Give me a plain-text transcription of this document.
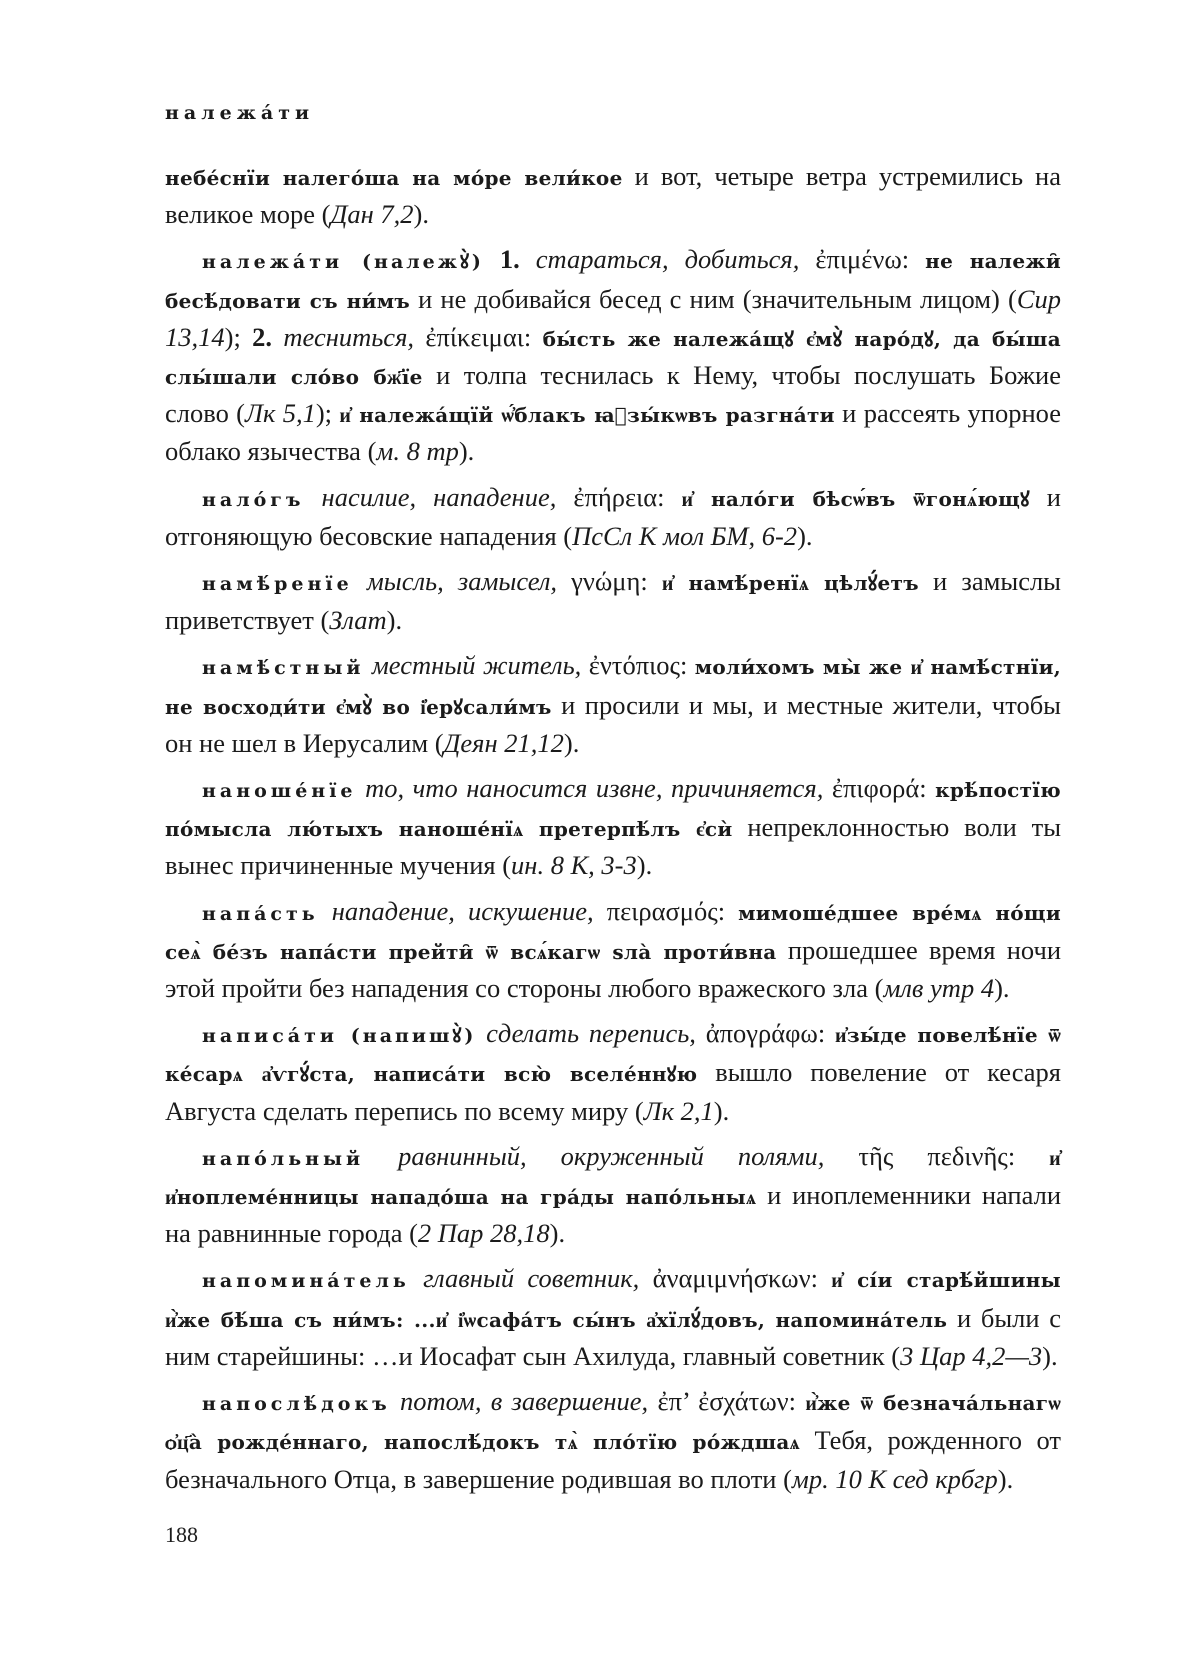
належа́ти

небе́снїи налего́ша на мо́ре вели́кое и вот, четыре ветра устремились на великое море (Дан 7,2).

належа́ти (належꙋ̀) 1. стараться, добиться, ἐπιμένω: не належи̑ бесѣ́довати съ ни́мъ и не добивайся бесед с ним (значительным лицом) (Сир 13,14); 2. тесниться, ἐπίκειμαι: бы́сть же належа́щꙋ є҆мꙋ̀ наро́дꙋ, да бы́ша слы́шали сло́во бж҃їе и толпа теснилась к Нему, чтобы послушать Божие слово (Лк 5,1); и҆ належа́щїй ѡ҆́блакъ ꙗ҆зы́кѡвъ разгна́ти и рассеять упорное облако язычества (м. 8 тр).

нало́гъ насилие, нападение, ἐπήρεια: и҆ нало́ги бѣсѡ́въ ѿгонѧ́ющꙋ и отгоняющую бесовские нападения (ПсСл К мол БМ, 6-2).

намѣ́ренїе мысль, замысел, γνώμη: и҆ намѣ́ренїѧ цѣлꙋ́етъ и замыслы приветствует (Злат).

намѣ́стный местный житель, ἐντόπιος: моли́хомъ мы̀ же и҆ намѣ́стнїи, не восходи́ти є҆мꙋ̀ во і҆ерꙋсали́мъ и просили и мы, и местные жители, чтобы он не шел в Иерусалим (Деян 21,12).

наноше́нїе то, что наносится извне, причиняется, ἐπιφορά: крѣ́постїю по́мысла лю́тыхъ наноше́нїѧ претерпѣ́лъ є҆сѝ непреклонностью воли ты вынес причиненные мучения (ин. 8 К, 3-3).

напа́сть нападение, искушение, πειρασμός: мимоше́дшее вре́мѧ но́щи сеѧ̀ бе́зъ напа́сти прейти̑ ѿ всѧ́кагѡ ѕла̀ проти́вна прошедшее время ночи этой пройти без нападения со стороны любого вражеского зла (млв утр 4).

написа́ти (напишꙋ̀) сделать перепись, ἀπογράφω: и҆зы́де повелѣ́нїе ѿ ке́сарѧ а҆ѵгꙋ́ста, написа́ти всю̀ вселе́ннꙋю вышло повеление от кесаря Августа сделать перепись по всему миру (Лк 2,1).

напо́льный равнинный, окруженный полями, τῆς πεδινῆς: и҆ и҆ноплеме́нницы нападо́ша на гра́ды напо́льныѧ и иноплеменники напали на равнинные города (2 Пар 28,18).

напомина́тель главный советник, ἀναμιμνήσκων: и҆ сі́и старѣ́йшины и҆̀же бѣ́ша съ ни́мъ: ...и҆ і҆ѡсафа́тъ сы́нъ а҆хїлꙋ́довъ, напомина́тель и были с ним старейшины: …и Иосафат сын Ахилуда, главный советник (3 Цар 4,2—3).

напослѣ́докъ потом, в завершение, ἐπ’ ἐσχάτων: и҆̀же ѿ безнача́льнагѡ ѻ҆ц҃а̀ рожде́ннаго, напослѣ́докъ тѧ̀ пло́тїю ро́ждшаѧ Тебя, рожденного от безначального Отца, в завершение родившая во плоти (мр. 10 К сед крбгр).

188
